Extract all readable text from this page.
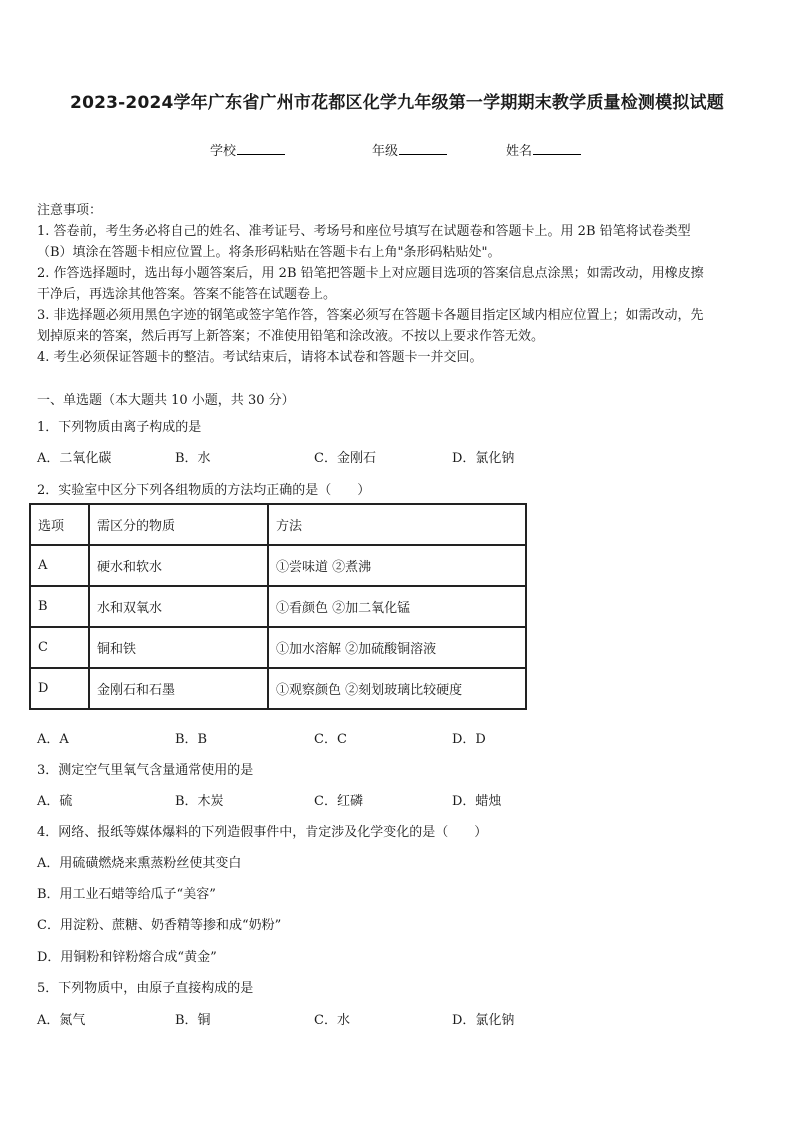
2023-2024学年广东省广州市花都区化学九年级第一学期期末教学质量检测模拟试题
学校	年级	姓名
注意事项：
1. 答卷前，考生务必将自己的姓名、准考证号、考场号和座位号填写在试题卷和答题卡上。用 2B 铅笔将试卷类型
（B）填涂在答题卡相应位置上。将条形码粘贴在答题卡右上角"条形码粘贴处"。
2. 作答选择题时，选出每小题答案后，用 2B 铅笔把答题卡上对应题目选项的答案信息点涂黑；如需改动，用橡皮擦
干净后，再选涂其他答案。答案不能答在试题卷上。
3. 非选择题必须用黑色字迹的钢笔或签字笔作答，答案必须写在答题卡各题目指定区域内相应位置上；如需改动，先
划掉原来的答案，然后再写上新答案；不准使用铅笔和涂改液。不按以上要求作答无效。
4. 考生必须保证答题卡的整洁。考试结束后，请将本试卷和答题卡一并交回。
一、单选题（本大题共 10 小题，共 30 分）
1．下列物质由离子构成的是
A．二氧化碳	B．水	C．金刚石	D．氯化钠
2．实验室中区分下列各组物质的方法均正确的是（　　）
选项	需区分的物质	方法
A	硬水和软水	①尝味道 ②煮沸
B	水和双氧水	①看颜色 ②加二氧化锰
C	铜和铁	①加水溶解 ②加硫酸铜溶液
D	金刚石和石墨	①观察颜色 ②刻划玻璃比较硬度
A．A	B．B	C．C	D．D
3．测定空气里氧气含量通常使用的是
A．硫	B．木炭	C．红磷	D．蜡烛
4．网络、报纸等媒体爆料的下列造假事件中，肯定涉及化学变化的是（　　）
A．用硫磺燃烧来熏蒸粉丝使其变白
B．用工业石蜡等给瓜子“美容”
C．用淀粉、蔗糖、奶香精等掺和成“奶粉”
D．用铜粉和锌粉熔合成“黄金”
5．下列物质中，由原子直接构成的是
A．氮气	B．铜	C．水	D．氯化钠
